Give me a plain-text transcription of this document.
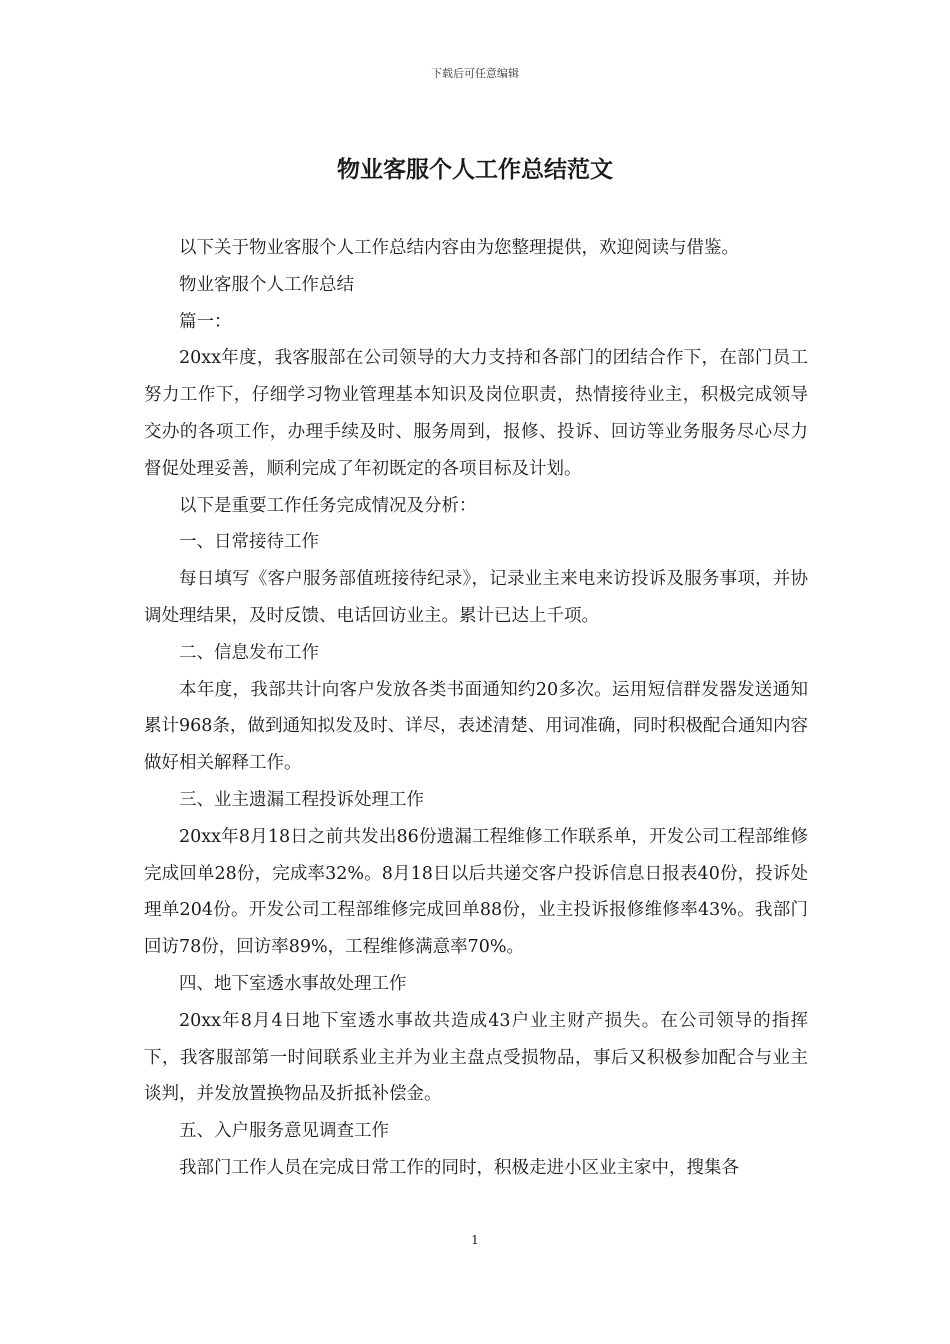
下载后可任意编辑
物业客服个人工作总结范文

以下关于物业客服个人工作总结内容由为您整理提供，欢迎阅读与借鉴。

物业客服个人工作总结

篇一：

20xx年度，我客服部在公司领导的大力支持和各部门的团结合作下，在部门员工努力工作下，仔细学习物业管理基本知识及岗位职责，热情接待业主，积极完成领导交办的各项工作，办理手续及时、服务周到，报修、投诉、回访等业务服务尽心尽力督促处理妥善，顺利完成了年初既定的各项目标及计划。

以下是重要工作任务完成情况及分析：

一、日常接待工作

每日填写《客户服务部值班接待纪录》，记录业主来电来访投诉及服务事项，并协调处理结果，及时反馈、电话回访业主。累计已达上千项。

二、信息发布工作

本年度，我部共计向客户发放各类书面通知约20多次。运用短信群发器发送通知累计968条，做到通知拟发及时、详尽，表述清楚、用词准确，同时积极配合通知内容做好相关解释工作。

三、业主遗漏工程投诉处理工作

20xx年8月18日之前共发出86份遗漏工程维修工作联系单，开发公司工程部维修完成回单28份，完成率32%。8月18日以后共递交客户投诉信息日报表40份，投诉处理单204份。开发公司工程部维修完成回单88份，业主投诉报修维修率43%。我部门回访78份，回访率89%，工程维修满意率70%。

四、地下室透水事故处理工作

20xx年8月4日地下室透水事故共造成43户业主财产损失。在公司领导的指挥下，我客服部第一时间联系业主并为业主盘点受损物品，事后又积极参加配合与业主谈判，并发放置换物品及折抵补偿金。

五、入户服务意见调查工作

我部门工作人员在完成日常工作的同时，积极走进小区业主家中，搜集各

1
